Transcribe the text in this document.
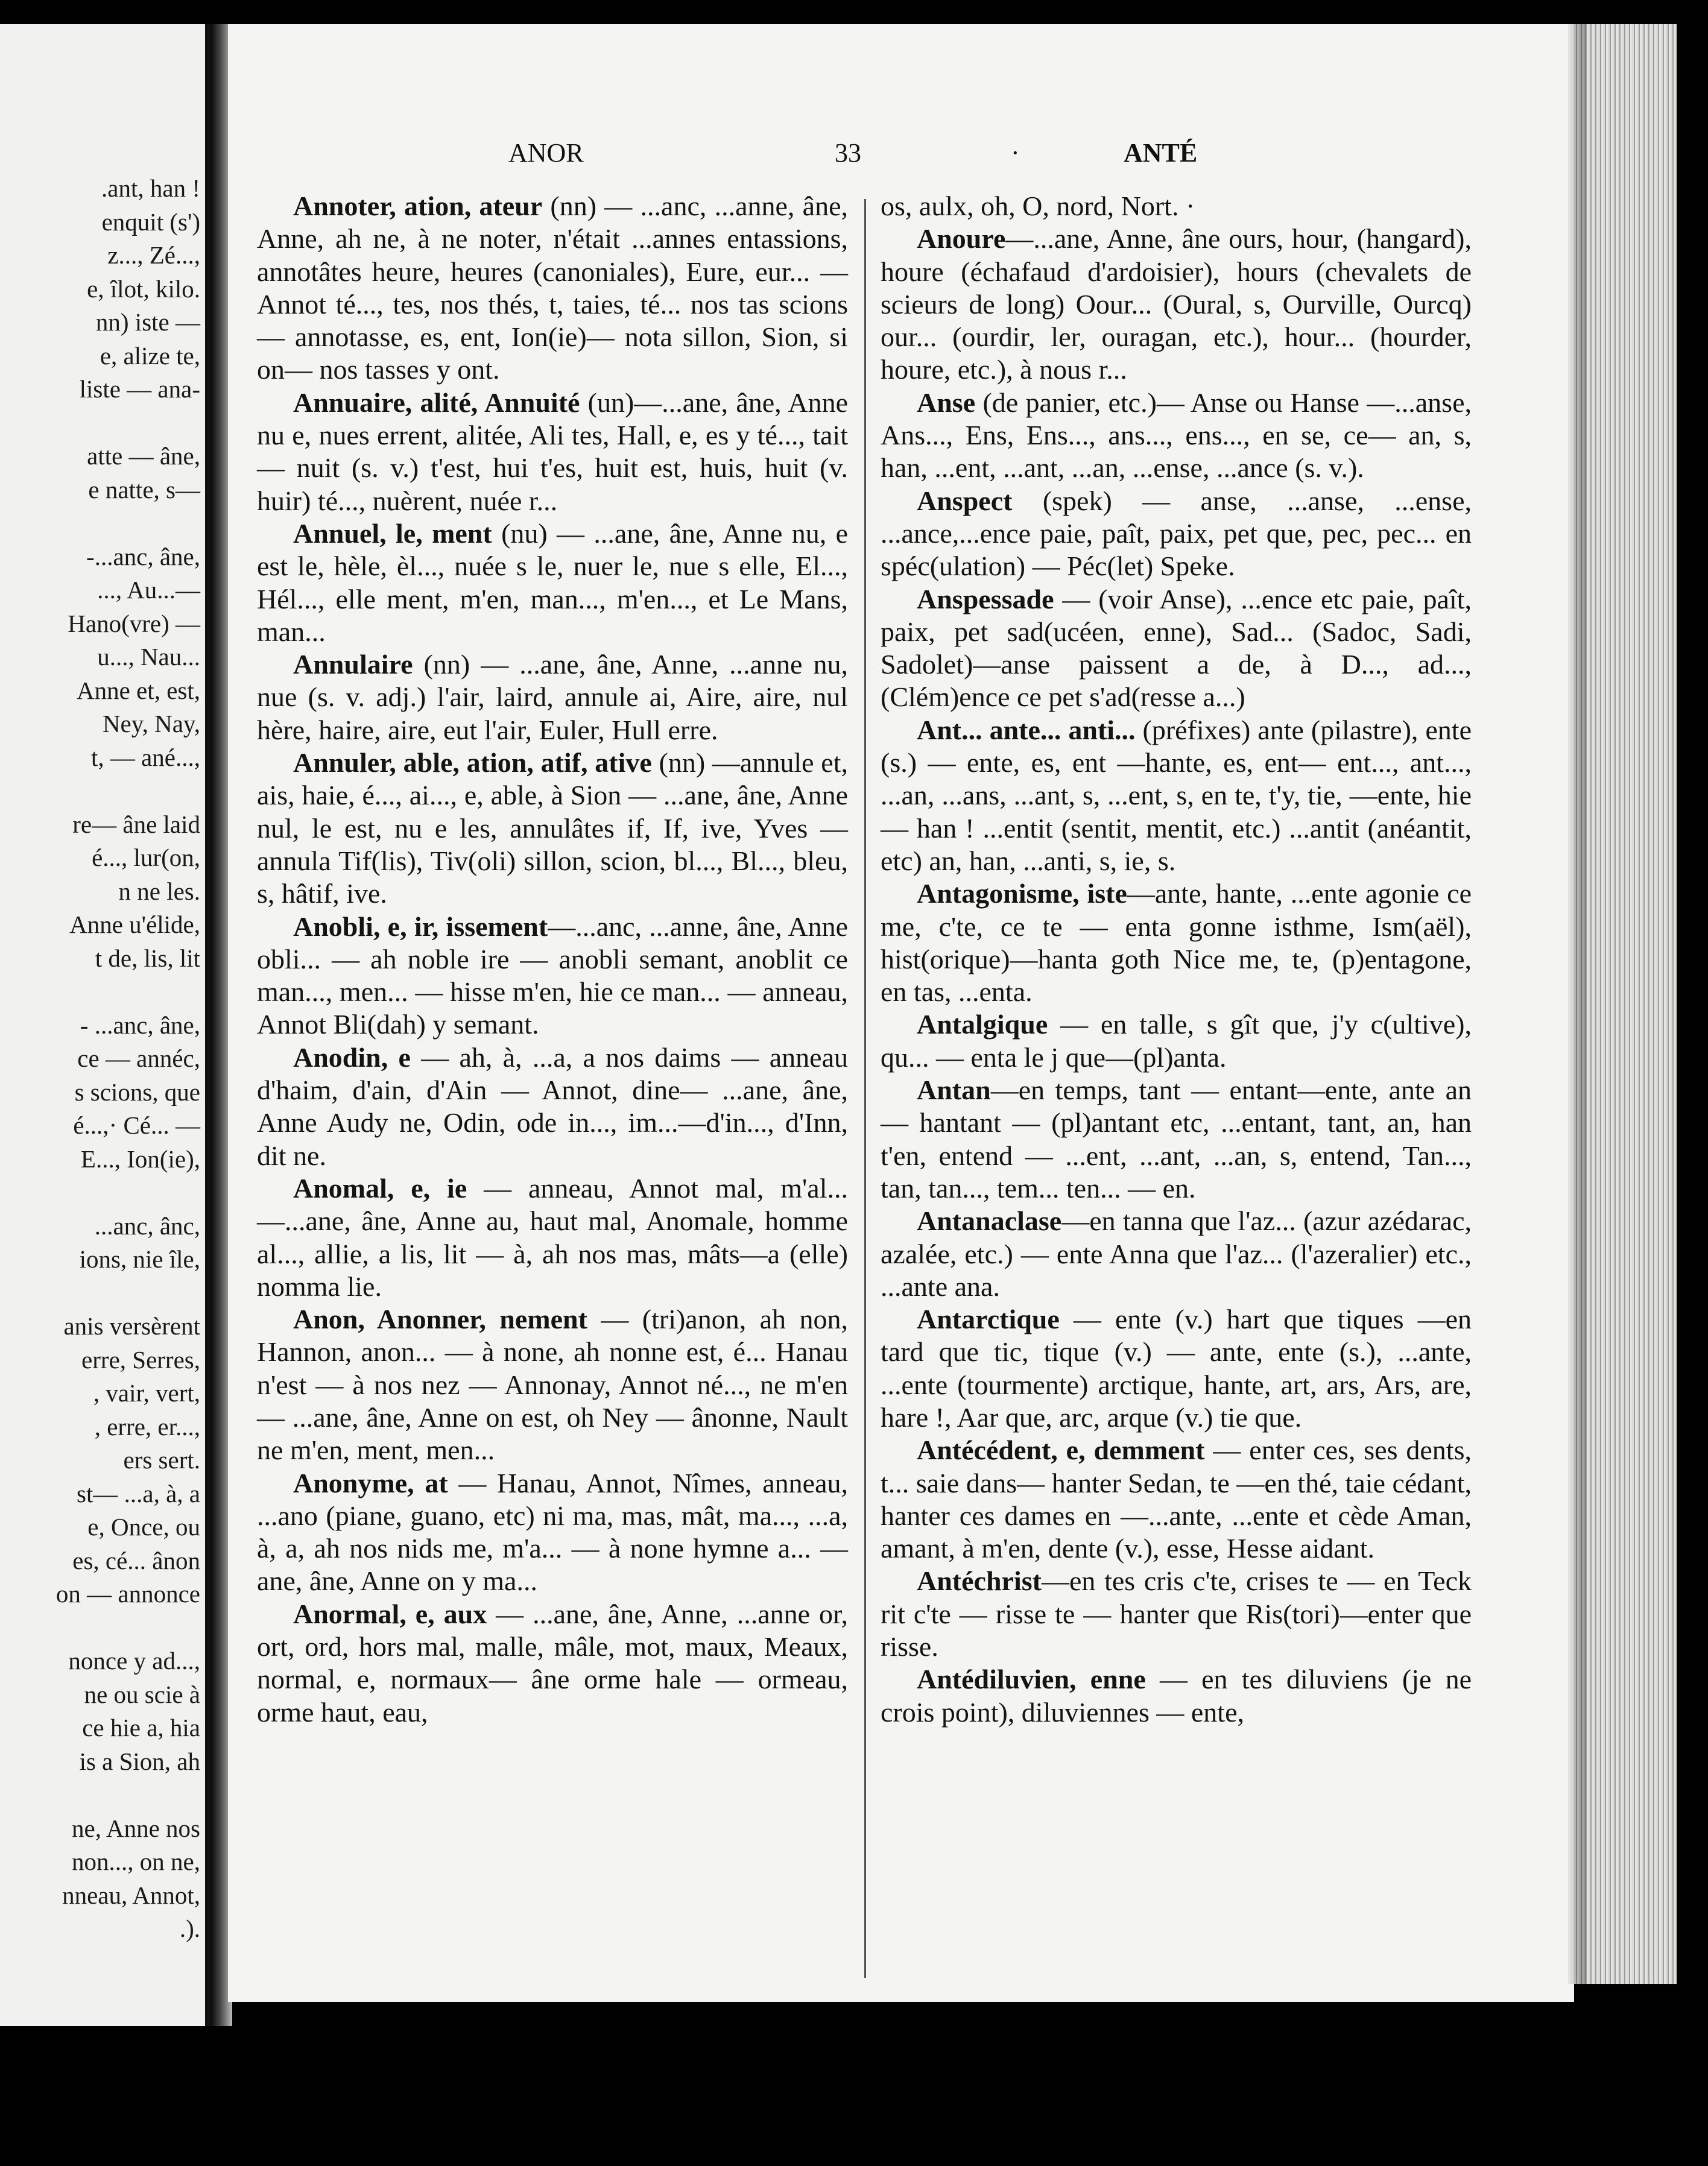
.ant, han !
enquit (s')
z..., Zé...,
e, îlot, kilo.
nn) iste —
e, alize te,
liste — ana-

atte — âne,
e natte, s—

-...anc, âne,
..., Au...—
Hano(vre) —
u..., Nau...
Anne et, est,
Ney, Nay,
t, — ané...,

re— âne laid
é..., lur(on,
n ne les.
Anne u'élide,
t de, lis, lit

- ...anc, âne,
ce — annéc,
s scions, que
é...,· Cé... —
E..., Ion(ie),

...anc, ânc,
ions, nie île,

anis versèrent
erre, Serres,
, vair, vert,
, erre, er...,
ers sert.
st— ...a, à, a
e, Once, ou
es, cé... ânon
on — annonce

nonce y ad...,
ne ou scie à
ce hie a, hia
is a Sion, ah

ne, Anne nos
non..., on ne,
nneau, Annot,
.).
ANOR	33	·	ANTÉ

Annoter, ation, ateur (nn) — ...anc, ...anne, âne, Anne, ah ne, à ne noter, n'était ...annes entassions, annotâtes heure, heures (canoniales), Eure, eur... — Annot té..., tes, nos thés, t, taies, té... nos tas scions — annotasse, es, ent, Ion(ie)— nota sillon, Sion, si on— nos tasses y ont.

Annuaire, alité, Annuité (un)—...ane, âne, Anne nu e, nues errent, alitée, Ali tes, Hall, e, es y té..., tait — nuit (s. v.) t'est, hui t'es, huit est, huis, huit (v. huir) té..., nuèrent, nuée r...

Annuel, le, ment (nu) — ...ane, âne, Anne nu, e est le, hèle, èl..., nuée s le, nuer le, nue s elle, El..., Hél..., elle ment, m'en, man..., m'en..., et Le Mans, man...

Annulaire (nn) — ...ane, âne, Anne, ...anne nu, nue (s. v. adj.) l'air, laird, annule ai, Aire, aire, nul hère, haire, aire, eut l'air, Euler, Hull erre.

Annuler, able, ation, atif, ative (nn) —annule et, ais, haie, é..., ai..., e, able, à Sion — ...ane, âne, Anne nul, le est, nu e les, annulâtes if, If, ive, Yves — annula Tif(lis), Tiv(oli) sillon, scion, bl..., Bl..., bleu, s, hâtif, ive.

Anobli, e, ir, issement—...anc, ...anne, âne, Anne obli... — ah noble ire — anobli semant, anoblit ce man..., men... — hisse m'en, hie ce man... — anneau, Annot Bli(dah) y semant.

Anodin, e — ah, à, ...a, a nos daims — anneau d'haim, d'ain, d'Ain — Annot, dine— ...ane, âne, Anne Audy ne, Odin, ode in..., im...—d'in..., d'Inn, dit ne.

Anomal, e, ie — anneau, Annot mal, m'al...—...ane, âne, Anne au, haut mal, Anomale, homme al..., allie, a lis, lit — à, ah nos mas, mâts—a (elle) nomma lie.

Anon, Anonner, nement — (tri)anon, ah non, Hannon, anon... — à none, ah nonne est, é... Hanau n'est — à nos nez — Annonay, Annot né..., ne m'en — ...ane, âne, Anne on est, oh Ney — ânonne, Nault ne m'en, ment, men...

Anonyme, at — Hanau, Annot, Nîmes, anneau, ...ano (piane, guano, etc) ni ma, mas, mât, ma..., ...a, à, a, ah nos nids me, m'a... — à none hymne a... — ane, âne, Anne on y ma...

Anormal, e, aux — ...ane, âne, Anne, ...anne or, ort, ord, hors mal, malle, mâle, mot, maux, Meaux, normal, e, normaux— âne orme hale — ormeau, orme haut, eau,

os, aulx, oh, O, nord, Nort. ·

Anoure—...ane, Anne, âne ours, hour, (hangard), houre (échafaud d'ardoisier), hours (chevalets de scieurs de long) Oour... (Oural, s, Ourville, Ourcq) our... (ourdir, ler, ouragan, etc.), hour... (hourder, houre, etc.), à nous r...

Anse (de panier, etc.)— Anse ou Hanse —...anse, Ans..., Ens, Ens..., ans..., ens..., en se, ce— an, s, han, ...ent, ...ant, ...an, ...ense, ...ance (s. v.).

Anspect (spek) — anse, ...anse, ...ense, ...ance,...ence paie, paît, paix, pet que, pec, pec... en spéc(ulation) — Péc(let) Speke.

Anspessade — (voir Anse), ...ence etc paie, paît, paix, pet sad(ucéen, enne), Sad... (Sadoc, Sadi, Sadolet)—anse paissent a de, à D..., ad..., (Clém)ence ce pet s'ad(resse a...)

Ant... ante... anti... (préfixes) ante (pilastre), ente (s.) — ente, es, ent —hante, es, ent— ent..., ant..., ...an, ...ans, ...ant, s, ...ent, s, en te, t'y, tie, —ente, hie — han ! ...entit (sentit, mentit, etc.) ...antit (anéantit, etc) an, han, ...anti, s, ie, s.

Antagonisme, iste—ante, hante, ...ente agonie ce me, c'te, ce te — enta gonne isthme, Ism(aël), hist(orique)—hanta goth Nice me, te, (p)entagone, en tas, ...enta.

Antalgique — en talle, s gît que, j'y c(ultive), qu... — enta le j que—(pl)anta.

Antan—en temps, tant — entant—ente, ante an — hantant — (pl)antant etc, ...entant, tant, an, han t'en, entend — ...ent, ...ant, ...an, s, entend, Tan..., tan, tan..., tem... ten... — en.

Antanaclase—en tanna que l'az... (azur azédarac, azalée, etc.) — ente Anna que l'az... (l'azeralier) etc., ...ante ana.

Antarctique — ente (v.) hart que tiques —en tard que tic, tique (v.) — ante, ente (s.), ...ante, ...ente (tourmente) arctique, hante, art, ars, Ars, are, hare !, Aar que, arc, arque (v.) tie que.

Antécédent, e, demment — enter ces, ses dents, t... saie dans— hanter Sedan, te —en thé, taie cédant, hanter ces dames en —...ante, ...ente et cède Aman, amant, à m'en, dente (v.), esse, Hesse aidant.

Antéchrist—en tes cris c'te, crises te — en Teck rit c'te — risse te — hanter que Ris(tori)—enter que risse.

Antédiluvien, enne — en tes diluviens (je ne crois point), diluviennes — ente,
